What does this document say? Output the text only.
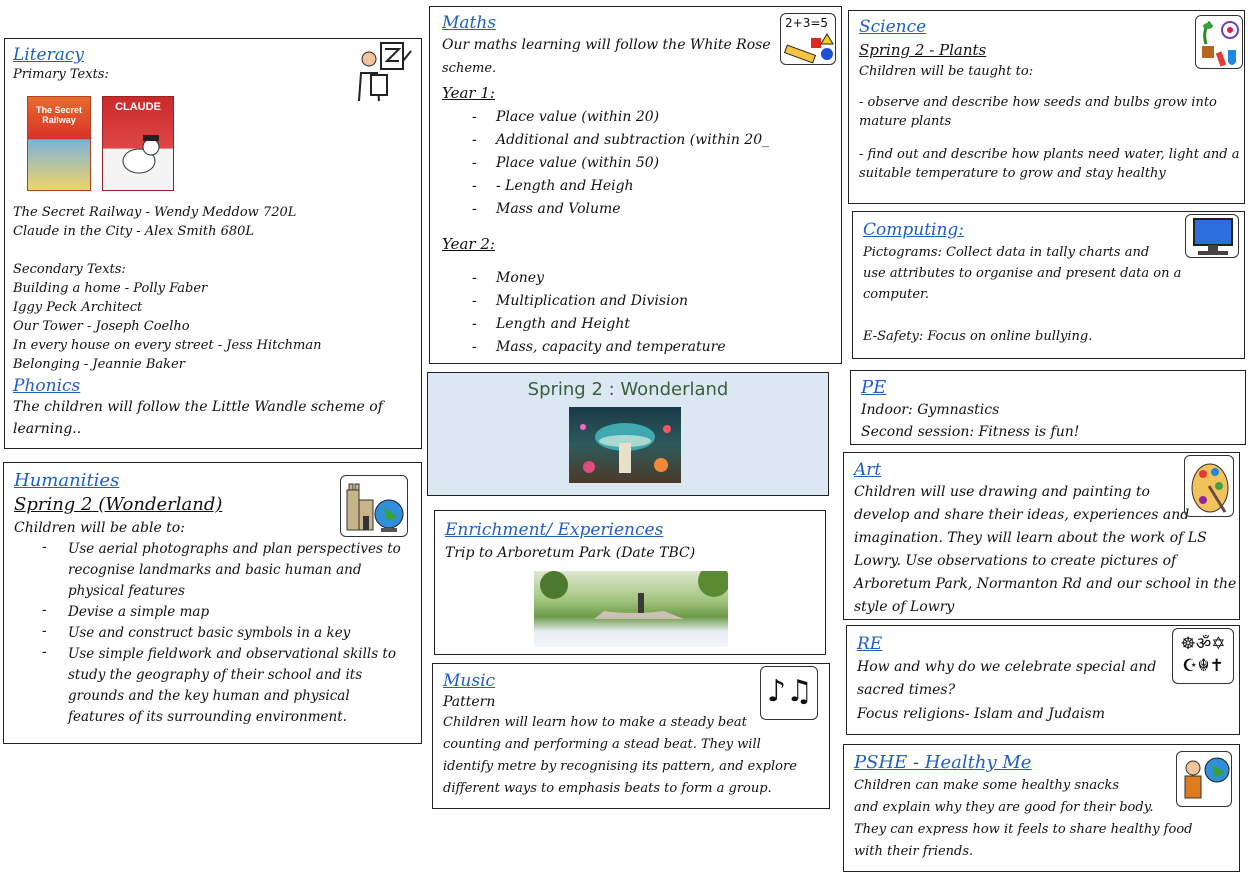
Literacy

Primary Texts:

The Secret Railway
CLAUDE

The Secret Railway - Wendy Meddow 720L

Claude in the City - Alex Smith 680L

Secondary Texts:

Building a home - Polly Faber

Iggy Peck Architect

Our Tower - Joseph Coelho

In every house on every street - Jess Hitchman

Belonging - Jeannie Baker

Phonics

The children will follow the Little Wandle scheme of

learning..

Maths	2+3=5

Our maths learning will follow the White Rose

scheme.

Year 1:

- Place value (within 20)
- Additional and subtraction (within 20_
- Place value (within 50)
- - Length and Heigh
- Mass and Volume

Year 2:

- Money
- Multiplication and Division
- Length and Height
- Mass, capacity and temperature

Science

Spring 2 - Plants

Children will be taught to:

- observe and describe how seeds and bulbs grow into

mature plants

- find out and describe how plants need water, light and a

suitable temperature to grow and stay healthy

Computing:

Pictograms: Collect data in tally charts and

use attributes to organise and present data on a

computer.

E-Safety: Focus on online bullying.

Spring 2 : Wonderland	PE

Indoor: Gymnastics

Second session: Fitness is fun!

Humanities

Spring 2 (Wonderland)

Children will be able to:

- Use aerial photographs and plan perspectives to

recognise landmarks and basic human and

physical features

- Devise a simple map

- Use and construct basic symbols in a key

- Use simple fieldwork and observational skills to

study the geography of their school and its

grounds and the key human and physical

features of its surrounding environment.

Enrichment/ Experiences

Trip to Arboretum Park (Date TBC)

Art

Children will use drawing and painting to

develop and share their ideas, experiences and

imagination. They will learn about the work of LS

Lowry. Use observations to create pictures of

Arboretum Park, Normanton Rd and our school in the

style of Lowry

RE

How and why do we celebrate special and

sacred times?

Focus religions- Islam and Judaism

☸ॐ✡☪☬✝

Music

Pattern

Children will learn how to make a steady beat

counting and performing a stead beat. They will

identify metre by recognising its pattern, and explore

different ways to emphasis beats to form a group.

♪♫

PSHE - Healthy Me

Children can make some healthy snacks

and explain why they are good for their body.

They can express how it feels to share healthy food

with their friends.
